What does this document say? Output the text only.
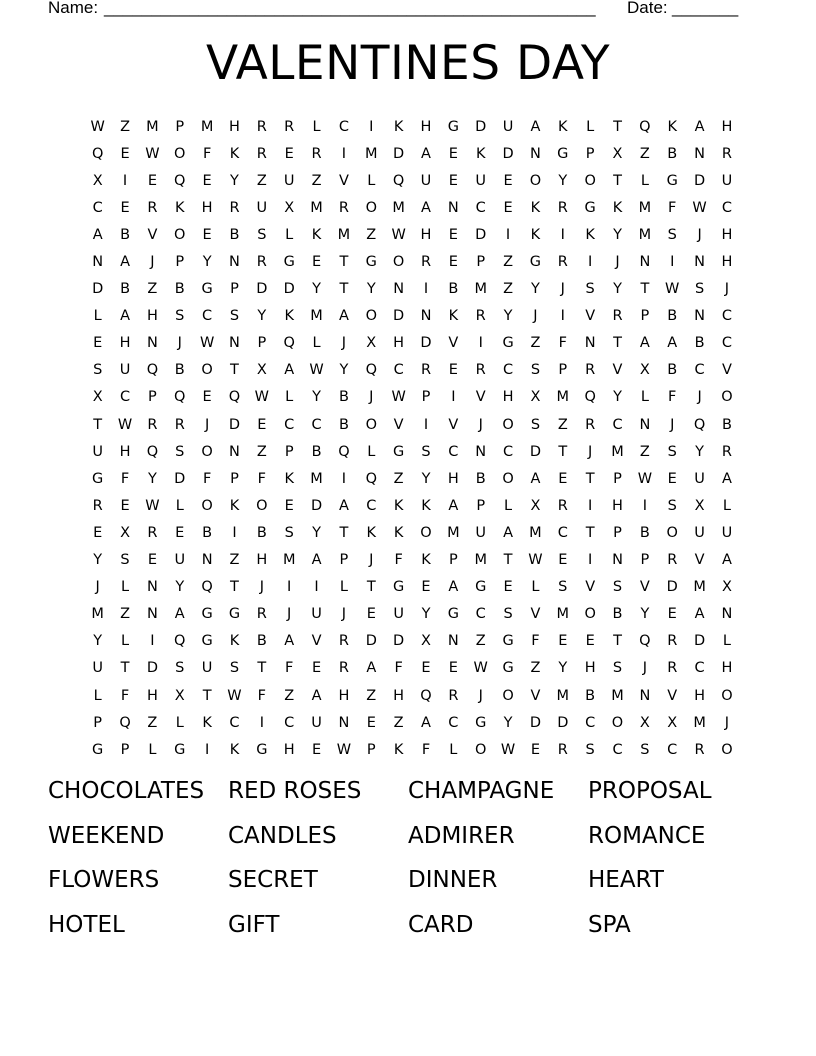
Name: ____________________________________________________ Date: _______
VALENTINES DAY
W	Z	M	P	M	H	R	R	L	C	I	K	H	G	D	U	A	K	L	T	Q	K	A	H
Q	E	W O	F	K	R	E	R	I	M	D	A	E	K	D	N	G	P	X	Z	B	N	R
X	I	E	Q	E	Y	Z	U	Z	V	L	Q	U	E	U	E	O	Y	O	T	L	G	D	U
C	E	R	K	H	R	U	X	M	R	O	M	A	N	C	E	K	R	G	K	M	F	W	C
A	B	V	O	E	B	S	L	K	M	Z	W	H	E	D	I	K	I	K	Y	M	S	J	H
N	A	J	P	Y	N	R	G	E	T	G	O	R	E	P	Z	G	R	I	J	N	I	N	H
D	B	Z	B	G	P	D	D	Y	T	Y	N	I	B	M	Z	Y	J	S	Y	T	W	S	J
L	A	H	S	C	S	Y	K	M	A	O	D	N	K	R	Y	J	I	V	R	P	B	N	C
E	H	N	J	W	N	P	Q	L	J	X	H	D	V	I	G	Z	F	N	T	A	A	B	C
S	U	Q	B	O	T	X	A	W	Y	Q	C	R	E	R	C	S	P	R	V	X	B	C	V
X	C	P	Q	E	Q W	L	Y	B	J	W	P	I	V	H	X	M	Q	Y	L	F	J	O
T	W	R	R	J	D	E	C	C	B	O	V	I	V	J	O	S	Z	R	C	N	J	Q	B
U	H	Q	S	O	N	Z	P	B	Q	L	G	S	C	N	C	D	T	J	M	Z	S	Y	R
G	F	Y	D	F	P	F	K	M	I	Q	Z	Y	H	B	O	A	E	T	P	W	E	U	A
R	E	W	L	O	K	O	E	D	A	C	K	K	A	P	L	X	R	I	H	I	S	X	L
E	X	R	E	B	I	B	S	Y	T	K	K	O	M	U	A	M	C	T	P	B	O	U	U
Y	S	E	U	N	Z	H	M	A	P	J	F	K	P	M	T	W	E	I	N	P	R	V	A
J	L	N	Y	Q	T	J	I	I	L	T	G	E	A	G	E	L	S	V	S	V	D	M	X
M	Z	N	A	G	G	R	J	U	J	E	U	Y	G	C	S	V	M	O	B	Y	E	A	N
Y	L	I	Q	G	K	B	A	V	R	D	D	X	N	Z	G	F	E	E	T	Q	R	D	L
U	T	D	S	U	S	T	F	E	R	A	F	E	E	W	G	Z	Y	H	S	J	R	C	H
L	F	H	X	T	W	F	Z	A	H	Z	H	Q	R	J	O	V	M	B	M	N	V	H	O
P	Q	Z	L	K	C	I	C	U	N	E	Z	A	C	G	Y	D	D	C	O	X	X	M	J
G	P	L	G	I	K	G	H	E	W	P	K	F	L	O W	E	R	S	C	S	C	R	O
CHOCOLATES	RED ROSES	CHAMPAGNE	PROPOSAL
WEEKEND	CANDLES	ADMIRER	ROMANCE
FLOWERS	SECRET	DINNER	HEART
HOTEL	GIFT	CARD	SPA
